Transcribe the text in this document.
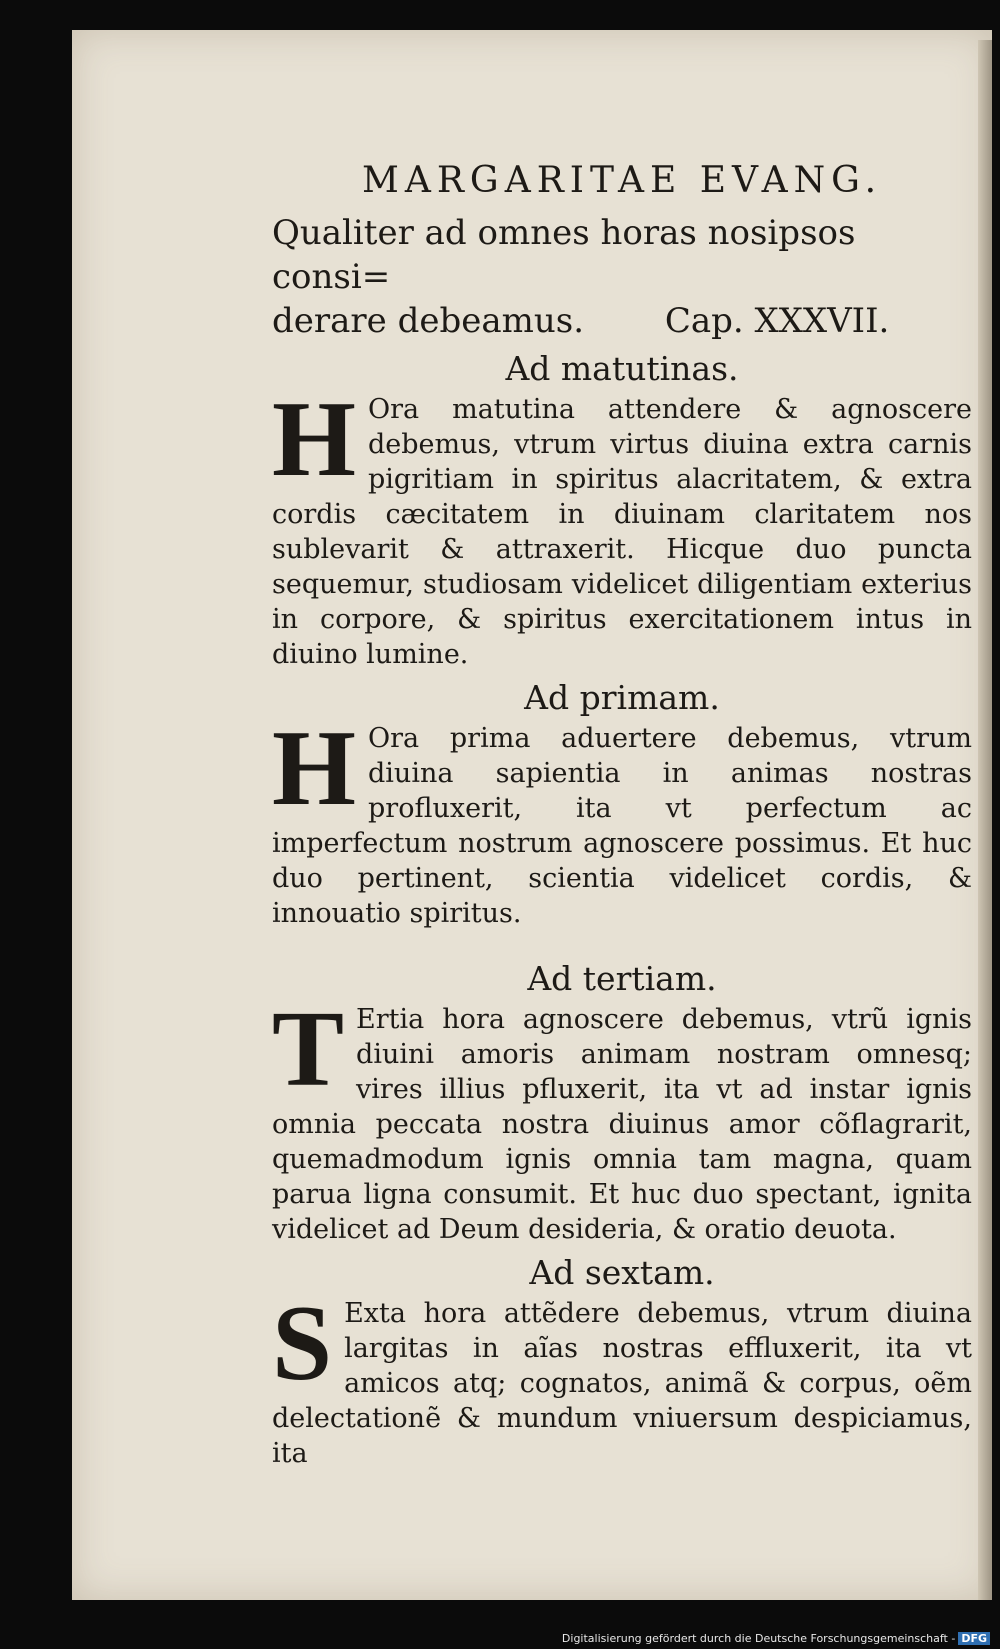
MARGARITAE EVANG.

Qualiter ad omnes horas nosipsos consi=
derare debeamus. Cap. XXXVII.

Ad matutinas.

H Ora matutina attendere & agnoscere debemus, vtrum virtus diuina extra carnis pigritiam in spiritus alacritatem, & extra cordis cæcitatem in diuinam claritatem nos sublevarit & attraxerit. Hicque duo puncta sequemur, studiosam videlicet diligentiam exterius in corpore, & spiritus exercitationem intus in diuino lumine.

Ad primam.

H Ora prima aduertere debemus, vtrum diuina sapientia in animas nostras profluxerit, ita vt perfectum ac imperfectum nostrum agnoscere possimus. Et huc duo pertinent, scientia videlicet cordis, & innouatio spiritus.

Ad tertiam.

T Ertia hora agnoscere debemus, vtrũ ignis diuini amoris animam nostram omnesq; vires illius pfluxerit, ita vt ad instar ignis omnia peccata nostra diuinus amor cõflagrarit, quemadmodum ignis omnia tam magna, quam parua ligna consumit. Et huc duo spectant, ignita videlicet ad Deum desideria, & oratio deuota.

Ad sextam.

S Exta hora attẽdere debemus, vtrum diuina largitas in aĩas nostras effluxerit, ita vt amicos atq; cognatos, animã & corpus, oẽm delectationẽ & mundum vniuersum despiciamus, ita

Digitalisierung gefördert durch die Deutsche Forschungsgemeinschaft - DFG
